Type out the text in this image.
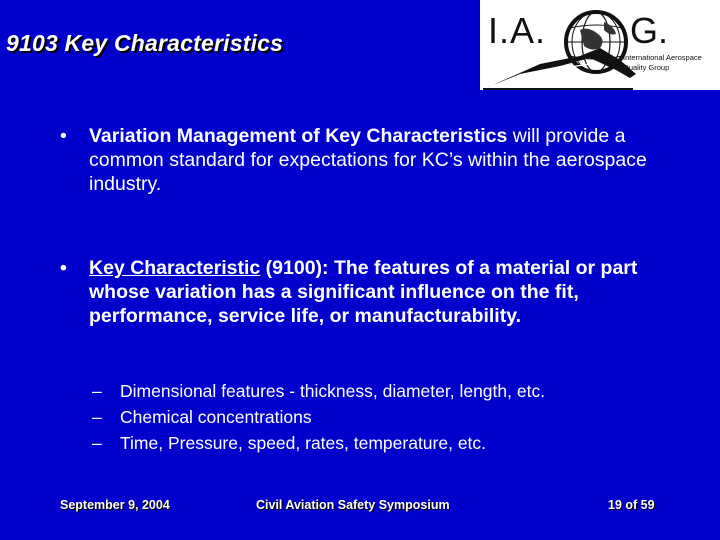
9103 Key Characteristics	I.A. G.
International Aerospace
Quality Group
• Variation Management of Key Characteristics will provide a common standard for expectations for KC’s within the aerospace industry.
• Key Characteristic (9100): The features of a material or part whose variation has a significant influence on the fit, performance, service life, or manufacturability.
– Dimensional features - thickness, diameter, length, etc.
– Chemical concentrations
– Time, Pressure, speed, rates, temperature, etc.
September 9, 2004	Civil Aviation Safety Symposium	19 of 59
